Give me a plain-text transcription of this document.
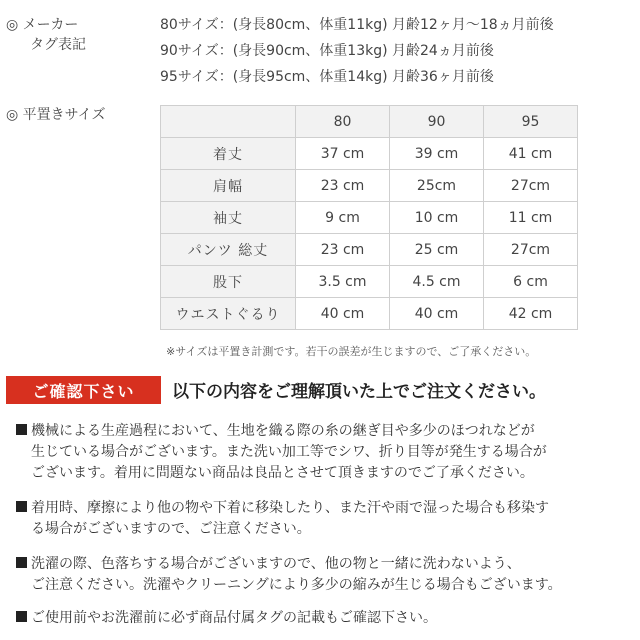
◎ メーカー
タグ表記
80サイズ：(身長80cm、体重11kg) 月齢12ヶ月〜18ヵ月前後
90サイズ：(身長90cm、体重13kg) 月齢24ヵ月前後
95サイズ：(身長95cm、体重14kg) 月齢36ヶ月前後
◎ 平置きサイズ
		80	90	95
着丈	37 cm	39 cm	41 cm
肩幅	23 cm	25cm	27cm
袖丈	9 cm	10 cm	11 cm
パンツ 総丈	23 cm	25 cm	27cm
股下	3.5 cm	4.5 cm	6 cm
ウエストぐるり	40 cm	40 cm	42 cm
※サイズは平置き計測です。若干の誤差が生じますので、ご了承ください。
ご確認下さい	以下の内容をご理解頂いた上でご注文ください。
機械による生産過程において、生地を織る際の糸の継ぎ目や多少のほつれなどが
生じている場合がございます。また洗い加工等でシワ、折り目等が発生する場合が
ございます。着用に問題ない商品は良品とさせて頂きますのでご了承ください。
着用時、摩擦により他の物や下着に移染したり、また汗や雨で湿った場合も移染す
る場合がございますので、ご注意ください。
洗濯の際、色落ちする場合がございますので、他の物と一緒に洗わないよう、
ご注意ください。洗濯やクリーニングにより多少の縮みが生じる場合もございます。
ご使用前やお洗濯前に必ず商品付属タグの記載もご確認下さい。
